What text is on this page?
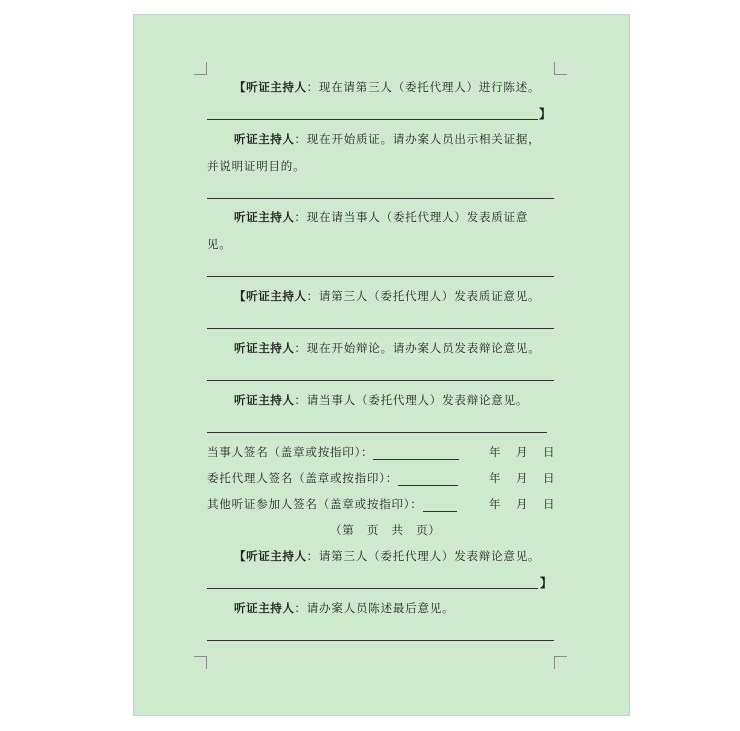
【听证主持人：现在请第三人（委托代理人）进行陈述。
】
听证主持人：现在开始质证。请办案人员出示相关证据，
并说明证明目的。
听证主持人：现在请当事人（委托代理人）发表质证意
见。
【听证主持人：请第三人（委托代理人）发表质证意见。
听证主持人：现在开始辩论。请办案人员发表辩论意见。
听证主持人：请当事人（委托代理人）发表辩论意见。
当事人签名（盖章或按指印）：
委托代理人签名（盖章或按指印）：
其他听证参加人签名（盖章或按指印）：
年 月 日
年 月 日
年 月 日
（第　页　共　页）
【听证主持人：请第三人（委托代理人）发表辩论意见。
】
听证主持人：请办案人员陈述最后意见。
